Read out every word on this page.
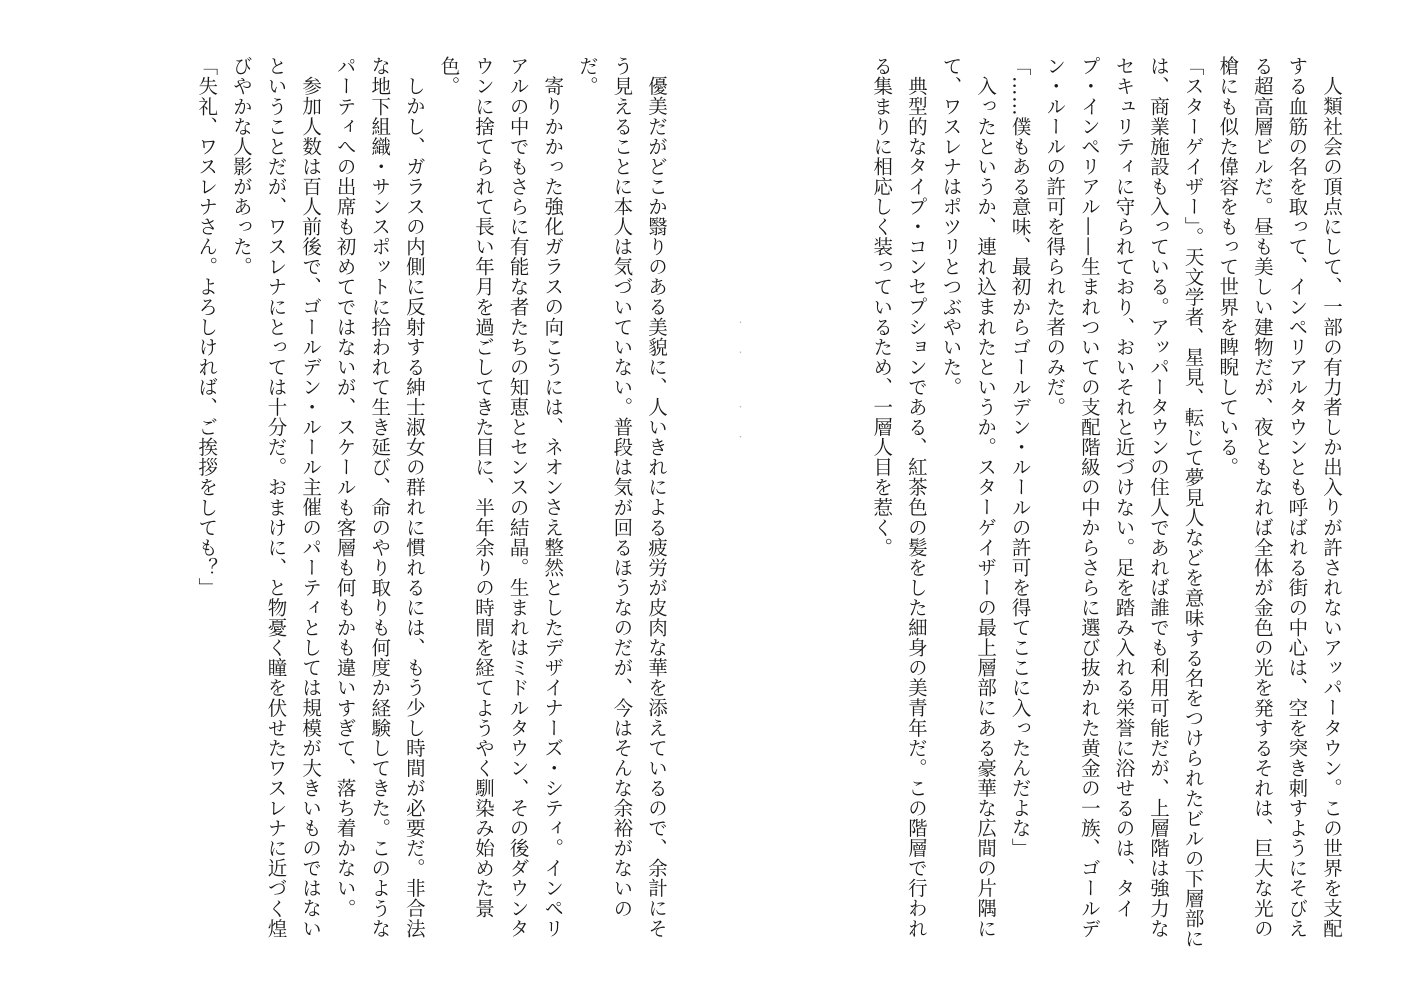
人類社会の頂点にして、一部の有力者しか出入りが許されないアッパータウン。この世界を支配する血筋の名を取って、インペリアルタウンとも呼ばれる街の中心は、空を突き刺すようにそびえる超高層ビルだ。昼も美しい建物だが、夜ともなれば全体が金色の光を発するそれは、巨大な光の槍にも似た偉容をもって世界を睥睨している。

「スターゲイザー」。天文学者、星見、転じて夢見人などを意味する名をつけられたビルの下層部には、商業施設も入っている。アッパータウンの住人であれば誰でも利用可能だが、上層階は強力なセキュリティに守られており、おいそれと近づけない。足を踏み入れる栄誉に浴せるのは、タイプ・インペリアル——生まれついての支配階級の中からさらに選び抜かれた黄金の一族、ゴールデン・ルールの許可を得られた者のみだ。

「……僕もある意味、最初からゴールデン・ルールの許可を得てここに入ったんだよな」

入ったというか、連れ込まれたというか。スターゲイザーの最上層部にある豪華な広間の片隅にて、ワスレナはポツリとつぶやいた。

典型的なタイプ・コンセプションである、紅茶色の髪をした細身の美青年だ。この階層で行われる集まりに相応しく装っているため、一層人目を惹く。

・・ ・・

優美だがどこか翳りのある美貌に、人いきれによる疲労が皮肉な華を添えているので、余計にそう見えることに本人は気づいていない。普段は気が回るほうなのだが、今はそんな余裕がないのだ。

寄りかかった強化ガラスの向こうには、ネオンさえ整然としたデザイナーズ・シティ。インペリアルの中でもさらに有能な者たちの知恵とセンスの結晶。生まれはミドルタウン、その後ダウンタウンに捨てられて長い年月を過ごしてきた目に、半年余りの時間を経てようやく馴染み始めた景色。

しかし、ガラスの内側に反射する紳士淑女の群れに慣れるには、もう少し時間が必要だ。非合法な地下組織・サンスポットに拾われて生き延び、命のやり取りも何度か経験してきた。このようなパーティへの出席も初めてではないが、スケールも客層も何もかも違いすぎて、落ち着かない。

参加人数は百人前後で、ゴールデン・ルール主催のパーティとしては規模が大きいものではないということだが、ワスレナにとっては十分だ。おまけに、と物憂く瞳を伏せたワスレナに近づく煌びやかな人影があった。

「失礼、ワスレナさん。よろしければ、ご挨拶をしても？」
